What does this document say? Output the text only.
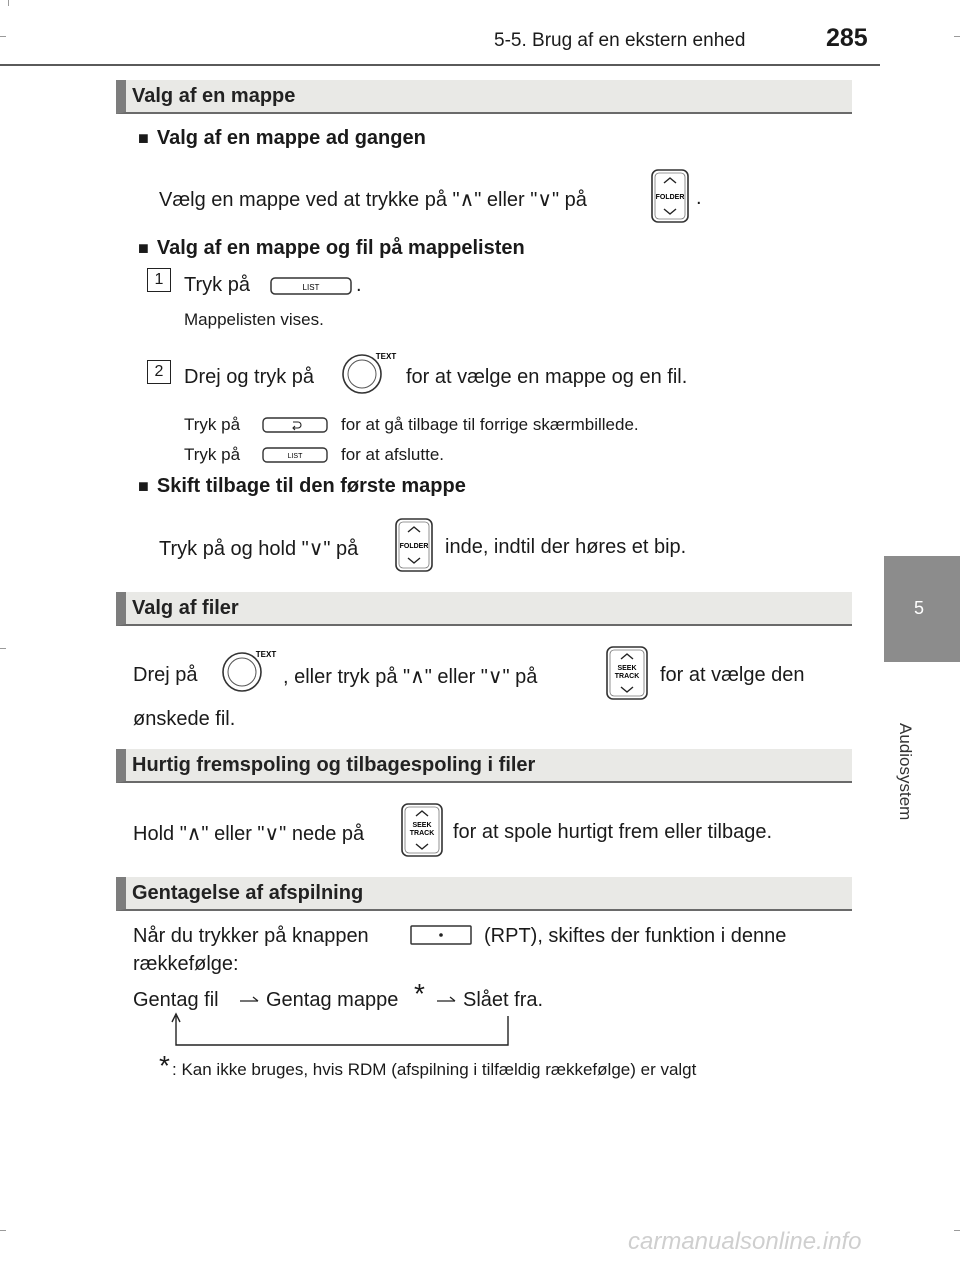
5-5. Brug af en ekstern enhed	285
5
Audiosystem
Valg af en mappe
■ Valg af en mappe ad gangen
Vælg en mappe ved at trykke på "∧" eller "∨" på	FOLDER .
■ Valg af en mappe og fil på mappelisten
1	Tryk på	LIST .
Mappelisten vises.
2	Drej og tryk på
TEXT
for at vælge en mappe og en fil.
Tryk på	for at gå tilbage til forrige skærmbillede.
Tryk på	LIST for at afslutte.
■ Skift tilbage til den første mappe
Tryk på og hold "∨" på	FOLDER inde, indtil der høres et bip.
Valg af filer
Drej på
TEXT
, eller tryk på "∧" eller "∨" på	SEEK
TRACK for at vælge den
ønskede fil.
Hurtig fremspoling og tilbagespoling i filer
Hold "∧" eller "∨" nede på	SEEK
TRACK for at spole hurtigt frem eller tilbage.
Gentagelse af afspilning
Når du trykker på knappen	(RPT), skiftes der funktion i denne
rækkefølge:
Gentag fil Gentag mappe * Slået fra.
* : Kan ikke bruges, hvis RDM (afspilning i tilfældig rækkefølge) er valgt
carmanualsonline.info
